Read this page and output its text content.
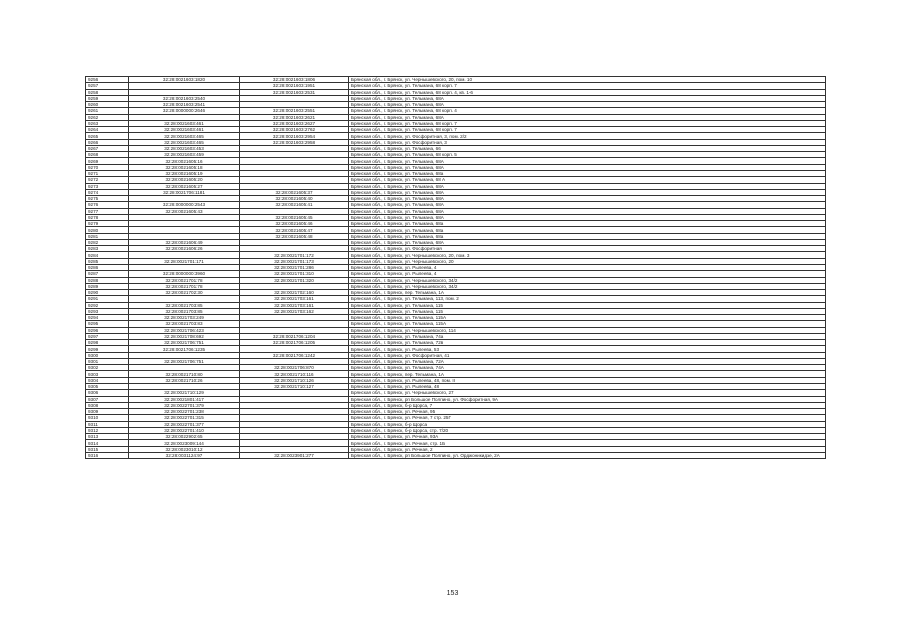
9256	32:28:0021603:1820	32:28:0021603:1806	Брянская обл., г. Брянск, ул. Чернышевского, 20, пом. 10
9257		32:28:0021603:1951	Брянская обл., г. Брянск, ул. Тельмана, 68 корп. 7
9258		32:28:0021603:2531	Брянская обл., г. Брянск, ул. Тельмана, 68 корп. 4, кв. 1-6
9259	32:28:0021603:2540		Брянская обл., г. Брянск, ул. Тельмана, 68А
9260	32:28:0021603:2541		Брянская обл., г. Брянск, ул. Тельмана, 68А
9261	32:28:0000000:2646	32:28:0021603:2551	Брянская обл., г. Брянск, ул. Тельмана, 68 корп. 4
9262		32:28:0021603:2621	Брянская обл., г. Брянск, ул. Тельмана, 68А
9263	32:28:0021603:461	32:28:0021603:2627	Брянская обл., г. Брянск, ул. Тельмана, 68 корп. 7
9264	32:28:0021603:461	32:28:0021603:2762	Брянская обл., г. Брянск, ул. Тельмана, 68 корп. 7
9265	32:28:0021603:465	32:28:0021603:2954	Брянская обл., г. Брянск, ул. Фосфоритная, 3, пом. 2/2
9266	32:28:0021603:465	32:28:0021603:2958	Брянская обл., г. Брянск, ул. Фосфоритная, 3
9267	32:28:0021603:453		Брянская обл., г. Брянск, ул. Тельмана, 66
9268	32:28:0021603:459		Брянская обл., г. Брянск, ул. Тельмана, 68 корп. 5
9269	32:28:0021605:16		Брянская обл., г. Брянск, ул. Тельмана, 68А
9270	32:28:0021605:18		Брянская обл., г. Брянск, ул. Тельмана, 68А
9271	32:28:0021605:19		Брянская обл., г. Брянск, ул. Тельмана, 68а
9272	32:28:0021605:20		Брянская обл., г. Брянск, ул. Тельмана, 68 А
9273	32:28:0021605:27		Брянская обл., г. Брянск, ул. Тельмана, 68А
9274	32:28:0021706:1181	32:28:0021605:37	Брянская обл., г. Брянск, ул. Тельмана, 68А
9275		32:28:0021605:40	Брянская обл., г. Брянск, ул. Тельмана, 68А
9276	32:28:0000000:2543	32:28:0021605:41	Брянская обл., г. Брянск, ул. Тельмана, 68А
9277	32:28:0021605:43		Брянская обл., г. Брянск, ул. Тельмана, 68А
9278		32:28:0021605:45	Брянская обл., г. Брянск, ул. Тельмана, 68А
9279		32:28:0021605:46	Брянская обл., г. Брянск, ул. Тельмана, 68а
9280		32:28:0021605:47	Брянская обл., г. Брянск, ул. Тельмана, 68а
9281		32:28:0021605:48	Брянская обл., г. Брянск, ул. Тельмана, 68а
9282	32:28:0021606:49		Брянская обл., г. Брянск, ул. Тельмана, 68А
9283	32:28:0021606:26		Брянская обл., г. Брянск, ул. Фосфоритная
9284		32:28:0021701:172	Брянская обл., г. Брянск, ул. Чернышевского, 20, пом. 3
9285	32:28:0021701:171	32:28:0021701:173	Брянская обл., г. Брянск, ул. Чернышевского, 20
9286		32:28:0021701:286	Брянская обл., г. Брянск, ул. Рылеева, 4
9287	32:28:0000000:3960	32:28:0021701:310	Брянская обл., г. Брянск, ул. Рылеева, 4
9288	32:28:0021701:78	32:28:0021701:320	Брянская обл., г. Брянск, ул. Чернышевского, 34/2
9289	32:28:0021701:78		Брянская обл., г. Брянск, ул. Чернышевского, 34/2
9290	32:28:0021702:30	32:28:0021702:160	Брянская обл., г. Брянск, пер. Тельмана, 1А
9291		32:28:0021703:161	Брянская обл., г. Брянск, ул. Тельмана, 113, пом. 2
9292	32:28:0021703:85	32:28:0021703:161	Брянская обл., г. Брянск, ул. Тельмана, 115
9293	32:28:0021703:85	32:28:0021703:162	Брянская обл., г. Брянск, ул. Тельмана, 115
9294	32:28:0021703:249		Брянская обл., г. Брянск, ул. Тельмана, 115А
9295	32:28:0021703:83		Брянская обл., г. Брянск, ул. Тельмана, 115А
9296	32:28:0021706:423		Брянская обл., г. Брянск, ул. Чернышевского, 114
9297	32:28:0021708:692	32:28:0021706:1204	Брянская обл., г. Брянск, ул. Тельмана, 74а
9298	32:28:0021706:751	32:28:0021706:1205	Брянская обл., г. Брянск, ул. Тельмана, 72в
9299	32:28:0021706:1235		Брянская обл., г. Брянск, ул. Рылеева, 53
9300		32:28:0021706:1242	Брянская обл., г. Брянск, ул. Фосфоритная, 41
9301	32:28:0021706:751		Брянская обл., г. Брянск, ул. Тельмана, 72А
9302		32:28:0021706:870	Брянская обл., г. Брянск, ул. Тельмана, 74А
9303	32:28:0021710:80	32:28:0021710:116	Брянская обл., г. Брянск, пер. Тельмана, 1А
9304	32:28:0021710:26	32:28:0021710:126	Брянская обл., г. Брянск, ул. Рылеева, 48, пом. II
9305		32:28:0021710:127	Брянская обл., г. Брянск, ул. Рылеева, 48
9306	32:28:0021710:129		Брянская обл., г. Брянск, ул. Чернышевского, 27
9307	32:28:0021801:417		Брянская обл., г. Брянск, рп Большое Полпино, ул. Фосфоритная, 9А
9308	32:28:0022701:379		Брянская обл., г. Брянск, б-р Щорса, 7
9309	32:28:0022701:238		Брянская обл., г. Брянск, ул. Речная, 95
9310	32:28:0022701:315		Брянская обл., г. Брянск, ул. Речная, 7 стр. 25Г
9311	32:28:0022701:377		Брянская обл., г. Брянск, б-р Щорса
9312	32:28:0022701:410		Брянская обл., г. Брянск, б-р Щорса, стр. 7/20
9313	32:28:0022902:65		Брянская обл., г. Брянск, ул. Речная, 93А
9314	32:28:0023009:144		Брянская обл., г. Брянск, ул. Речная, стр. 1Б
9315	32:28:0023010:12		Брянская обл., г. Брянск, ул. Речная, 2
9316	32:28:0031124:97	32:28:0023901:277	Брянская обл., г. Брянск, рп Большое Полпино, ул. Орджоникидзе, 2А
153
